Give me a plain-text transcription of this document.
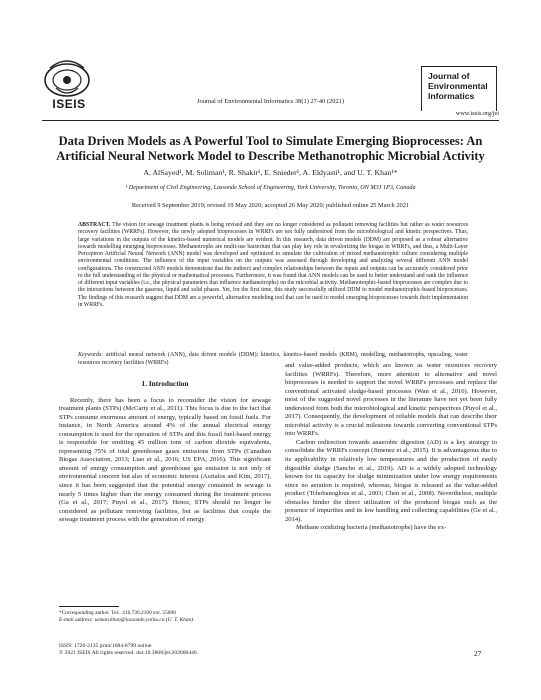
ISEIS	Journal of Environmental Informatics 38(1) 27-40 (2021)
Journal of
Environmental
Informatics
www.iseis.org/jei
Data Driven Models as A Powerful Tool to Simulate Emerging Bioprocesses: An
Artificial Neural Network Model to Describe Methanotrophic Microbial Activity
A. AlSayed¹, M. Soliman¹, R. Shakir¹, E. Snieder¹, A. Eldyasti¹, and U. T. Khan¹*
¹ Department of Civil Engineering, Lassonde School of Engineering, York University, Toronto, ON M3J 1P3, Canada
Received 9 September 2019; revised 19 May 2020; accepted 26 May 2020; published online 25 March 2021
ABSTRACT. The vision for sewage treatment plants is being revised and they are no longer considered as pollutant removing facilities but rather as water resources recovery facilities (WRRFs). However, the newly adopted bioprocesses in WRRFs are not fully understood from the microbiological and kinetic perspectives. Thus, large variations in the outputs of the kinetics-based numerical models are evident. In this research, data driven models (DDM) are proposed as a robust alternative towards modelling emerging bioprocesses. Methanotrophs are multi-use bacterium that can play key role in revalorizing the biogas in WRRFs, and thus, a Multi-Layer Perceptron Artificial Neural Network (ANN) model was developed and optimized to simulate the cultivation of mixed methanotrophic culture considering multiple environmental conditions. The influence of the input variables on the outputs was assessed through developing and analyzing several different ANN model configurations. The constructed ANN models demonstrate that the indirect and complex relationships between the inputs and outputs can be accurately considered prior to the full understanding of the physical or mathematical processes. Furthermore, it was found that ANN models can be used to better understand and rank the influence of different input variables (i.e., the physical parameters that influence methanotrophs) on the microbial activity. Methanotrophic-based bioprocesses are complex due to the interactions between the gaseous, liquid and solid phases. Yet, for the first time, this study successfully utilized DDM to model methanotrophic-based bioprocesses. The findings of this research suggest that DDM are a powerful, alternative modeling tool that can be used to model emerging bioprocesses towards their implementation in WRRFs.
Keywords: artificial neural network (ANN), data driven models (DDM); kinetics, kinetics-based models (KBM), modelling, methanotrophs, upscaling, water resources recovery facilities (WRRFs)
1. Introduction

Recently, there has been a focus to reconsider the vision for sewage treatment plants (STPs) (McCarty et al., 2011). This focus is due to the fact that STPs consume enormous amount of energy, typically based on fossil fuels. For instance, in North America around 4% of the annual electrical energy consumption is used for the operation of STPs and this fossil fuel-based energy is responsible for emitting 45 million tons of carbon dioxide equivalents, representing 75% of total greenhouse gases emissions from STPs (Canadian Biogas Association, 2013; Liao et al., 2016; US EPA, 2016). This significant amount of energy consumption and greenhouse gas emission is not only of environmental concern but also of economic interest (Asztalos and Kim, 2017), since it has been suggested that the potential energy contained in sewage is nearly 5 times higher than the energy consumed during the treatment process (Ga et al., 2017; Puyol et al., 2017). Hence, STPs should no longer be considered as pollutant removing facilities, but as facilities that couple the sewage treatment process with the generation of energy

and value-added products, which are known as water resources recovery facilities (WRRFs). Therefore, more attention to alternative and novel bioprocesses is needed to support the novel WRRFs processes and replace the conventional activated sludge-based processes (Wan et al., 2016). However, most of the suggested novel processes in the literature have not yet been fully understood from both the microbiological and kinetic perspectives (Puyol et al., 2017). Consequently, the development of reliable models that can describe their microbial activity is a crucial milestone towards converting conventional STPs into WRRFs.

Carbon redirection towards anaerobic digestion (AD) is a key strategy to consolidate the WRRFs concept (Jimenez et al., 2015). It is advantageous due to its applicability in relatively low temperatures and the production of easily digestible sludge (Sancho et al., 2019). AD is a widely adopted technology known for its capacity for sludge minimization under low energy requirements since no aeration is required, whereas, biogas is released as the value-added product (Tchobanoglous et al., 2003; Chen et al., 2008). Nevertheless, multiple obstacles hinder the direct utilization of the produced biogas such as the presence of impurities and its low handling and collecting capabilities (Ge et al., 2014).

Methane oxidizing bacteria (methanotrophs) have the ex-

*Corresponding author. Tel.: 416.736.2100 ext. 55890
E-mail address: usman.khan@lassonde.yorku.ca (U. T. Khan).
ISSN: 1726-2135 print/1684-8799 online
© 2021 ISEIS All rights reserved. doi:10.3808/jei.202000446.	27
